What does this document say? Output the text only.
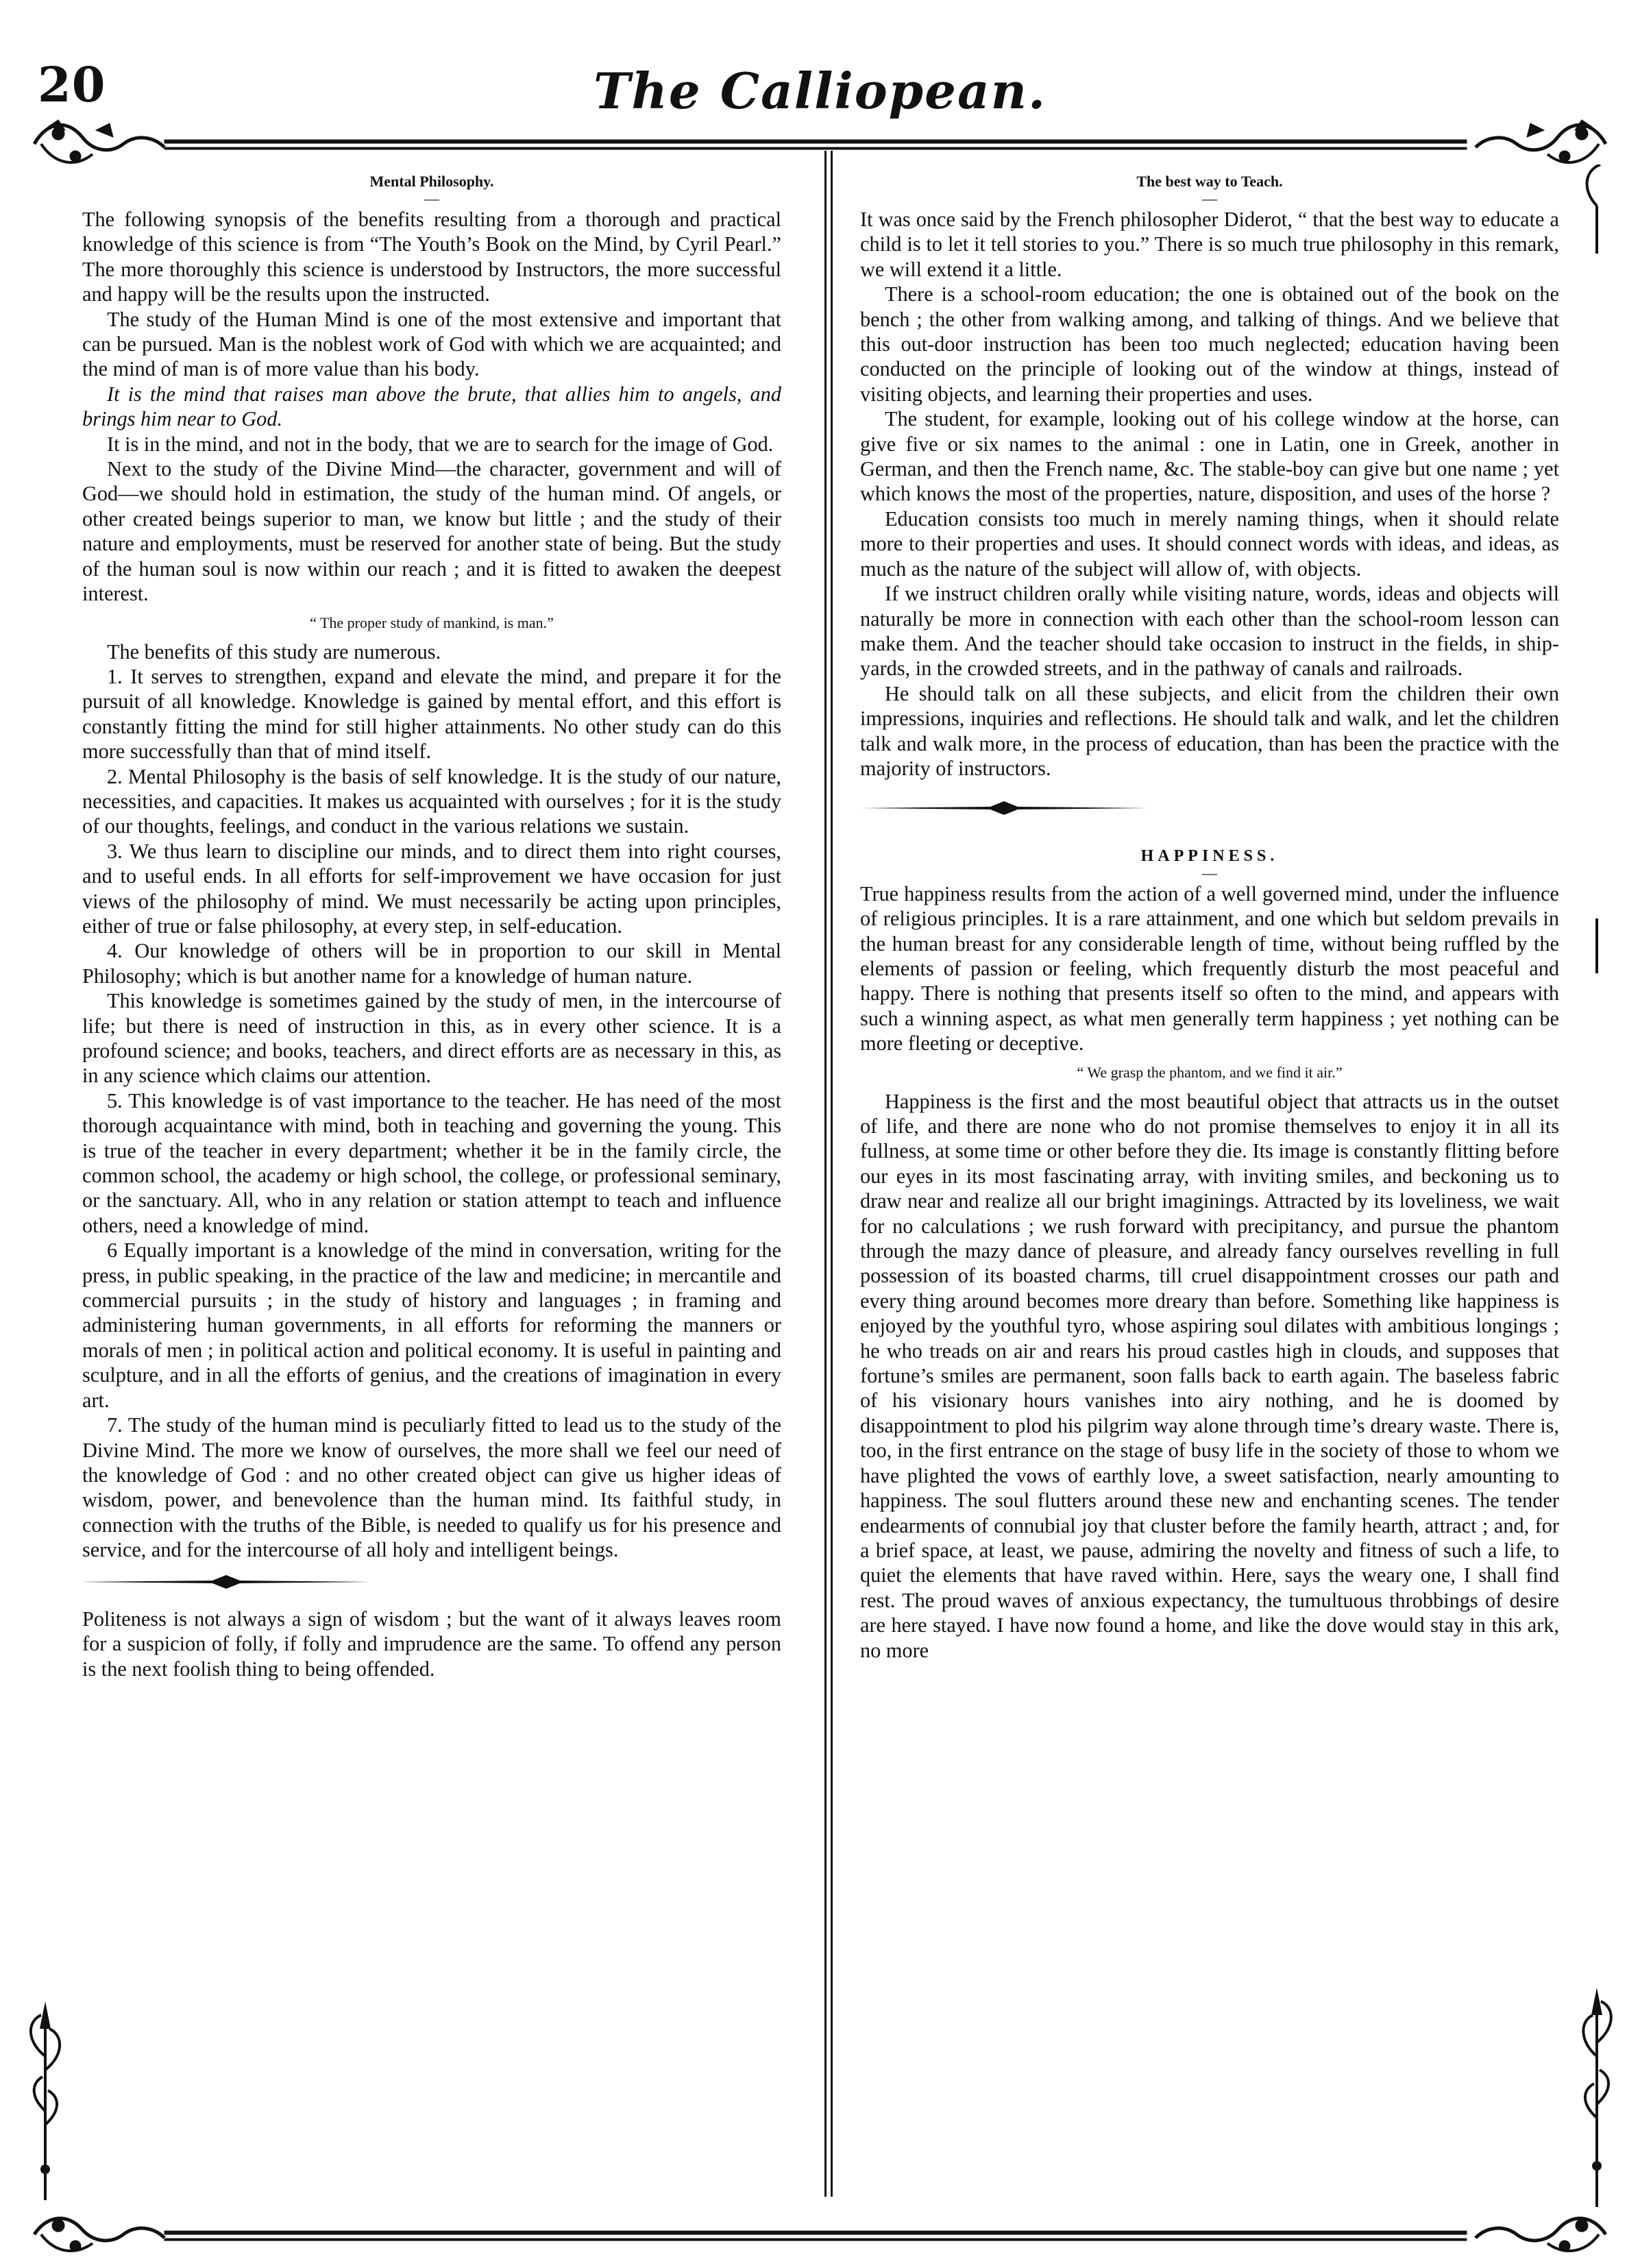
20	The Calliopean.
Mental Philosophy.
—

The following synopsis of the benefits resulting from a thorough and practical knowledge of this science is from “The Youth’s Book on the Mind, by Cyril Pearl.” The more thoroughly this science is understood by Instructors, the more successful and happy will be the results upon the instructed.

The study of the Human Mind is one of the most extensive and important that can be pursued. Man is the noblest work of God with which we are acquainted; and the mind of man is of more value than his body.

It is the mind that raises man above the brute, that allies him to angels, and brings him near to God.

It is in the mind, and not in the body, that we are to search for the image of God.

Next to the study of the Divine Mind—the character, government and will of God—we should hold in estimation, the study of the human mind. Of angels, or other created beings superior to man, we know but little ; and the study of their nature and employments, must be reserved for another state of being. But the study of the human soul is now within our reach ; and it is fitted to awaken the deepest interest.

“ The proper study of mankind, is man.”

The benefits of this study are numerous.

1. It serves to strengthen, expand and elevate the mind, and prepare it for the pursuit of all knowledge. Knowledge is gained by mental effort, and this effort is constantly fitting the mind for still higher attainments. No other study can do this more successfully than that of mind itself.

2. Mental Philosophy is the basis of self knowledge. It is the study of our nature, necessities, and capacities. It makes us acquainted with ourselves ; for it is the study of our thoughts, feelings, and conduct in the various relations we sustain.

3. We thus learn to discipline our minds, and to direct them into right courses, and to useful ends. In all efforts for self-improvement we have occasion for just views of the philosophy of mind. We must necessarily be acting upon principles, either of true or false philosophy, at every step, in self-education.

4. Our knowledge of others will be in proportion to our skill in Mental Philosophy; which is but another name for a knowledge of human nature.

This knowledge is sometimes gained by the study of men, in the intercourse of life; but there is need of instruction in this, as in every other science. It is a profound science; and books, teachers, and direct efforts are as necessary in this, as in any science which claims our attention.

5. This knowledge is of vast importance to the teacher. He has need of the most thorough acquaintance with mind, both in teaching and governing the young. This is true of the teacher in every department; whether it be in the family circle, the common school, the academy or high school, the college, or professional seminary, or the sanctuary. All, who in any relation or station attempt to teach and influence others, need a knowledge of mind.

6 Equally important is a knowledge of the mind in conversation, writing for the press, in public speaking, in the practice of the law and medicine; in mercantile and commercial pursuits ; in the study of history and languages ; in framing and administering human governments, in all efforts for reforming the manners or morals of men ; in political action and political economy. It is useful in painting and sculpture, and in all the efforts of genius, and the creations of imagination in every art.

7. The study of the human mind is peculiarly fitted to lead us to the study of the Divine Mind. The more we know of ourselves, the more shall we feel our need of the knowledge of God : and no other created object can give us higher ideas of wisdom, power, and benevolence than the human mind. Its faithful study, in connection with the truths of the Bible, is needed to qualify us for his presence and service, and for the intercourse of all holy and intelligent beings.

Politeness is not always a sign of wisdom ; but the want of it always leaves room for a suspicion of folly, if folly and imprudence are the same. To offend any person is the next foolish thing to being offended.

The best way to Teach.
—

It was once said by the French philosopher Diderot, “ that the best way to educate a child is to let it tell stories to you.” There is so much true philosophy in this remark, we will extend it a little.

There is a school-room education; the one is obtained out of the book on the bench ; the other from walking among, and talking of things. And we believe that this out-door instruction has been too much neglected; education having been conducted on the principle of looking out of the window at things, instead of visiting objects, and learning their properties and uses.

The student, for example, looking out of his college window at the horse, can give five or six names to the animal : one in Latin, one in Greek, another in German, and then the French name, &c. The stable-boy can give but one name ; yet which knows the most of the properties, nature, disposition, and uses of the horse ?

Education consists too much in merely naming things, when it should relate more to their properties and uses. It should connect words with ideas, and ideas, as much as the nature of the subject will allow of, with objects.

If we instruct children orally while visiting nature, words, ideas and objects will naturally be more in connection with each other than the school-room lesson can make them. And the teacher should take occasion to instruct in the fields, in ship-yards, in the crowded streets, and in the pathway of canals and railroads.

He should talk on all these subjects, and elicit from the children their own impressions, inquiries and reflections. He should talk and walk, and let the children talk and walk more, in the process of education, than has been the practice with the majority of instructors.

HAPPINESS.
—

True happiness results from the action of a well governed mind, under the influence of religious principles. It is a rare attainment, and one which but seldom prevails in the human breast for any considerable length of time, without being ruffled by the elements of passion or feeling, which frequently disturb the most peaceful and happy. There is nothing that presents itself so often to the mind, and appears with such a winning aspect, as what men generally term happiness ; yet nothing can be more fleeting or deceptive.

“ We grasp the phantom, and we find it air.”

Happiness is the first and the most beautiful object that attracts us in the outset of life, and there are none who do not promise themselves to enjoy it in all its fullness, at some time or other before they die. Its image is constantly flitting before our eyes in its most fascinating array, with inviting smiles, and beckoning us to draw near and realize all our bright imaginings. Attracted by its loveliness, we wait for no calculations ; we rush forward with precipitancy, and pursue the phantom through the mazy dance of pleasure, and already fancy ourselves revelling in full possession of its boasted charms, till cruel disappointment crosses our path and every thing around becomes more dreary than before. Something like happiness is enjoyed by the youthful tyro, whose aspiring soul dilates with ambitious longings ; he who treads on air and rears his proud castles high in clouds, and supposes that fortune’s smiles are permanent, soon falls back to earth again. The baseless fabric of his visionary hours vanishes into airy nothing, and he is doomed by disappointment to plod his pilgrim way alone through time’s dreary waste. There is, too, in the first entrance on the stage of busy life in the society of those to whom we have plighted the vows of earthly love, a sweet satisfaction, nearly amounting to happiness. The soul flutters around these new and enchanting scenes. The tender endearments of connubial joy that cluster before the family hearth, attract ; and, for a brief space, at least, we pause, admiring the novelty and fitness of such a life, to quiet the elements that have raved within. Here, says the weary one, I shall find rest. The proud waves of anxious expectancy, the tumultuous throbbings of desire are here stayed. I have now found a home, and like the dove would stay in this ark, no more
